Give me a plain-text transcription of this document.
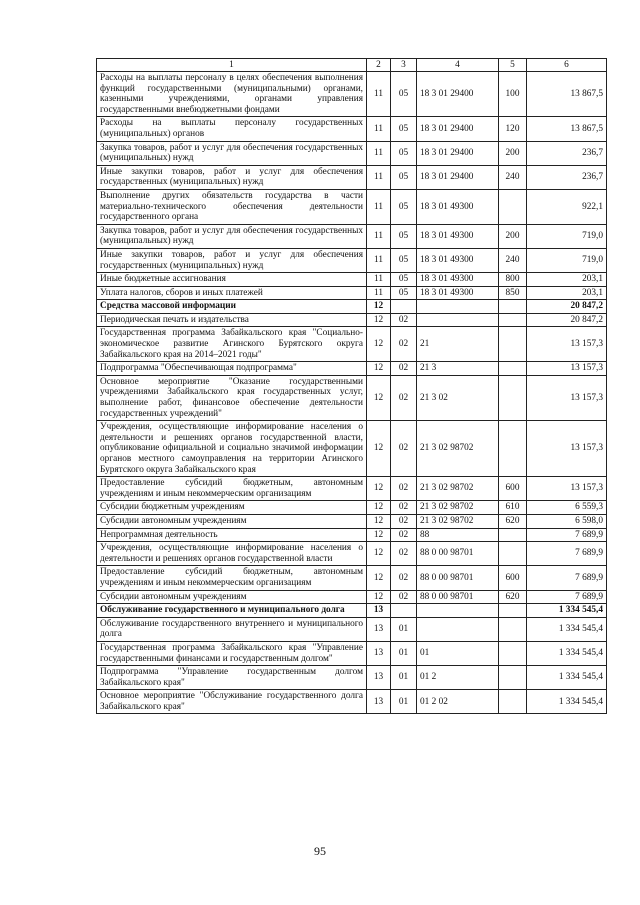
1	2	3	4	5	6
Расходы на выплаты персоналу в целях обеспечения выполнения функций государственными (муниципальными) органами, казенными учреждениями, органами управления государственными внебюджетными фондами	11	05	18 3 01 29400	100	13 867,5
Расходы на выплаты персоналу государственных (муниципальных) органов	11	05	18 3 01 29400	120	13 867,5
Закупка товаров, работ и услуг для обеспечения государственных (муниципальных) нужд	11	05	18 3 01 29400	200	236,7
Иные закупки товаров, работ и услуг для обеспечения государственных (муниципальных) нужд	11	05	18 3 01 29400	240	236,7
Выполнение других обязательств государства в части материально-технического обеспечения деятельности государственного органа	11	05	18 3 01 49300		922,1
Закупка товаров, работ и услуг для обеспечения государственных (муниципальных) нужд	11	05	18 3 01 49300	200	719,0
Иные закупки товаров, работ и услуг для обеспечения государственных (муниципальных) нужд	11	05	18 3 01 49300	240	719,0
Иные бюджетные ассигнования	11	05	18 3 01 49300	800	203,1
Уплата налогов, сборов и иных платежей	11	05	18 3 01 49300	850	203,1
Средства массовой информации	12				20 847,2
Периодическая печать и издательства	12	02			20 847,2
Государственная программа Забайкальского края "Социально-экономическое развитие Агинского Бурятского округа Забайкальского края на 2014–2021 годы"	12	02	21		13 157,3
Подпрограмма "Обеспечивающая подпрограмма"	12	02	21 3		13 157,3
Основное мероприятие "Оказание государственными учреждениями Забайкальского края государственных услуг, выполнение работ, финансовое обеспечение деятельности государственных учреждений"	12	02	21 3 02		13 157,3
Учреждения, осуществляющие информирование населения о деятельности и решениях органов государственной власти, опубликование официальной и социально значимой информации органов местного самоуправления на территории Агинского Бурятского округа Забайкальского края	12	02	21 3 02 98702		13 157,3
Предоставление субсидий бюджетным, автономным учреждениям и иным некоммерческим организациям	12	02	21 3 02 98702	600	13 157,3
Субсидии бюджетным учреждениям	12	02	21 3 02 98702	610	6 559,3
Субсидии автономным учреждениям	12	02	21 3 02 98702	620	6 598,0
Непрограммная деятельность	12	02	88		7 689,9
Учреждения, осуществляющие информирование населения о деятельности и решениях органов государственной власти	12	02	88 0 00 98701		7 689,9
Предоставление субсидий бюджетным, автономным учреждениям и иным некоммерческим организациям	12	02	88 0 00 98701	600	7 689,9
Субсидии автономным учреждениям	12	02	88 0 00 98701	620	7 689,9
Обслуживание государственного и муниципального долга	13				1 334 545,4
Обслуживание государственного внутреннего и муниципального долга	13	01			1 334 545,4
Государственная программа Забайкальского края "Управление государственными финансами и государственным долгом"	13	01	01		1 334 545,4
Подпрограмма "Управление государственным долгом Забайкальского края"	13	01	01 2		1 334 545,4
Основное мероприятие "Обслуживание государственного долга Забайкальского края"	13	01	01 2 02		1 334 545,4
95
